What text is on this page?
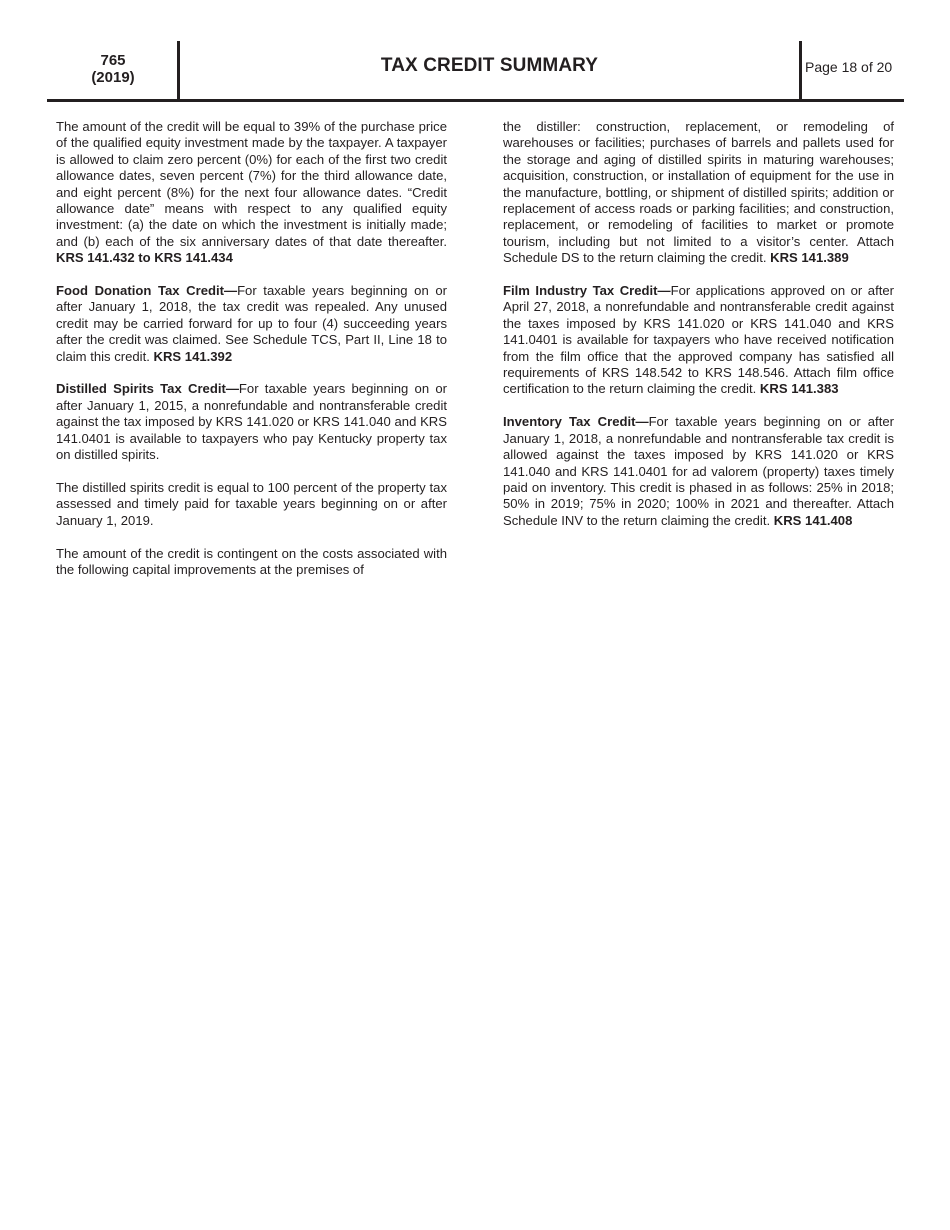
765
(2019)
TAX CREDIT SUMMARY	Page 18 of 20

The amount of the credit will be equal to 39% of the purchase price of the qualified equity investment made by the taxpayer. A taxpayer is allowed to claim zero percent (0%) for each of the first two credit allowance dates, seven percent (7%) for the third allowance date, and eight percent (8%) for the next four allowance dates. “Credit allowance date” means with respect to any qualified equity investment: (a) the date on which the investment is initially made; and (b) each of the six anniversary dates of that date thereafter. KRS 141.432 to KRS 141.434

Food Donation Tax Credit—For taxable years beginning on or after January 1, 2018, the tax credit was repealed. Any unused credit may be carried forward for up to four (4) succeeding years after the credit was claimed. See Schedule TCS, Part II, Line 18 to claim this credit. KRS 141.392

Distilled Spirits Tax Credit—For taxable years beginning on or after January 1, 2015, a nonrefundable and nontransferable credit against the tax imposed by KRS 141.020 or KRS 141.040 and KRS 141.0401 is available to taxpayers who pay Kentucky property tax on distilled spirits.

The distilled spirits credit is equal to 100 percent of the property tax assessed and timely paid for taxable years beginning on or after January 1, 2019.

The amount of the credit is contingent on the costs associated with the following capital improvements at the premises of

the distiller: construction, replacement, or remodeling of warehouses or facilities; purchases of barrels and pallets used for the storage and aging of distilled spirits in maturing warehouses; acquisition, construction, or installation of equipment for the use in the manufacture, bottling, or shipment of distilled spirits; addition or replacement of access roads or parking facilities; and construction, replacement, or remodeling of facilities to market or promote tourism, including but not limited to a visitor’s center. Attach Schedule DS to the return claiming the credit. KRS 141.389

Film Industry Tax Credit—For applications approved on or after April 27, 2018, a nonrefundable and nontransferable credit against the taxes imposed by KRS 141.020 or KRS 141.040 and KRS 141.0401 is available for taxpayers who have received notification from the film office that the approved company has satisfied all requirements of KRS 148.542 to KRS 148.546. Attach film office certification to the return claiming the credit. KRS 141.383

Inventory Tax Credit—For taxable years beginning on or after January 1, 2018, a nonrefundable and nontransferable tax credit is allowed against the taxes imposed by KRS 141.020 or KRS 141.040 and KRS 141.0401 for ad valorem (property) taxes timely paid on inventory. This credit is phased in as follows: 25% in 2018; 50% in 2019; 75% in 2020; 100% in 2021 and thereafter. Attach Schedule INV to the return claiming the credit. KRS 141.408
